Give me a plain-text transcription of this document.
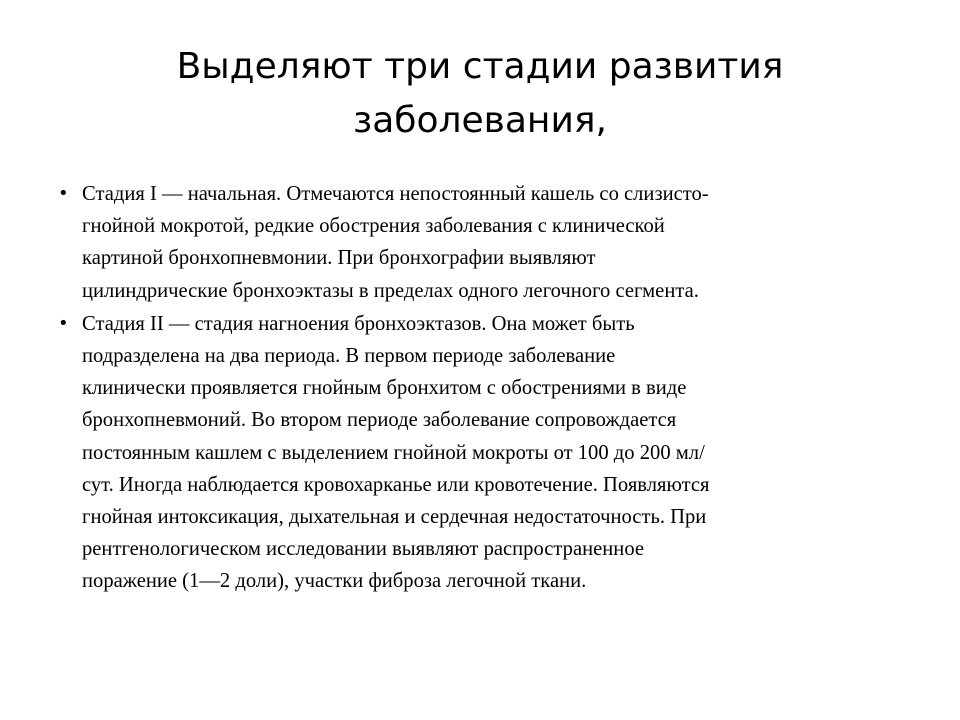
Выделяют три стадии развития
заболевания,
• Стадия I — начальная. Отмечаются непостоянный кашель со слизисто-
гнойной мокротой, редкие обострения заболевания с клинической
картиной бронхопневмонии. При бронхографии выявляют
цилиндрические бронхоэктазы в пределах одного легочного сегмента.
• Стадия II — стадия нагноения бронхоэктазов. Она может быть
подразделена на два периода. В первом периоде заболевание
клинически проявляется гнойным бронхитом с обострениями в виде
бронхопневмоний. Во втором периоде заболевание сопровождается
постоянным кашлем с выделением гнойной мокроты от 100 до 200 мл/
сут. Иногда наблюдается кровохарканье или кровотечение. Появляются
гнойная интоксикация, дыхательная и сердечная недостаточность. При
рентгенологическом исследовании выявляют распространенное
поражение (1—2 доли), участки фиброза легочной ткани.
